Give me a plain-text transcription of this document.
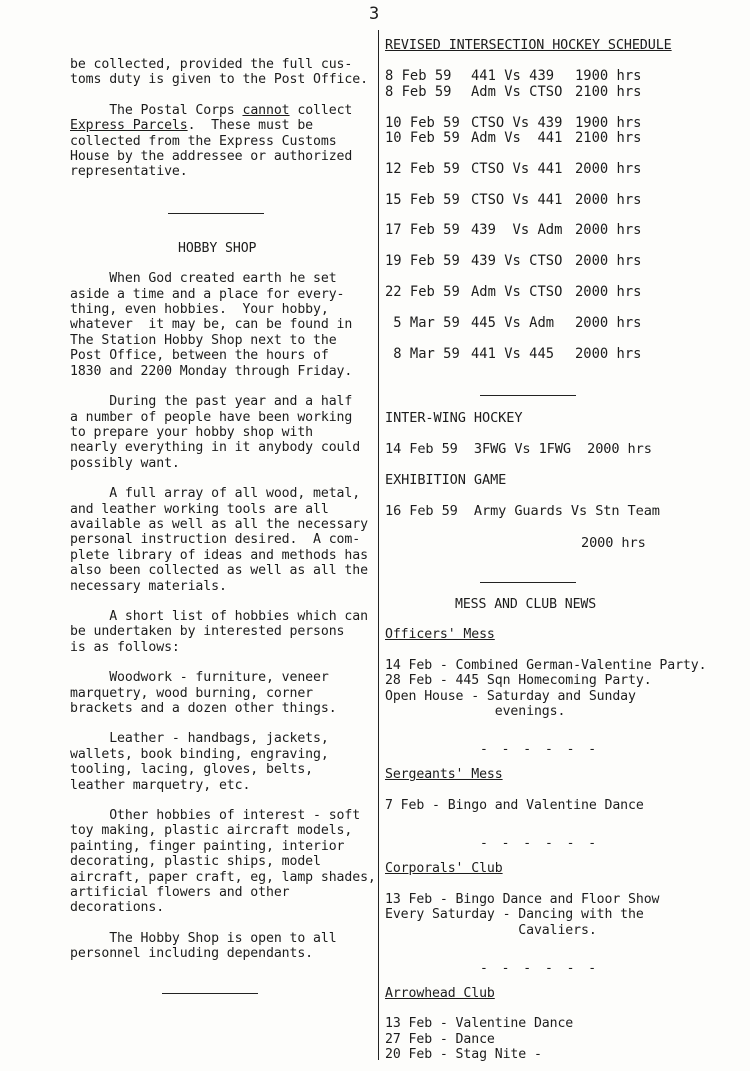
3

be collected, provided the full cus-
toms duty is given to the Post Office.

The Postal Corps cannot collect
Express Parcels.  These must be
collected from the Express Customs
House by the addressee or authorized
representative.

HOBBY SHOP

When God created earth he set
aside a time and a place for every-
thing, even hobbies.  Your hobby,
whatever  it may be, can be found in
The Station Hobby Shop next to the
Post Office, between the hours of
1830 and 2200 Monday through Friday.

During the past year and a half
a number of people have been working
to prepare your hobby shop with
nearly everything in it anybody could
possibly want.

A full array of all wood, metal,
and leather working tools are all
available as well as all the necessary
personal instruction desired.  A com-
plete library of ideas and methods has
also been collected as well as all the
necessary materials.

A short list of hobbies which can
be undertaken by interested persons
is as follows:

Woodwork - furniture, veneer
marquetry, wood burning, corner
brackets and a dozen other things.

Leather - handbags, jackets,
wallets, book binding, engraving,
tooling, lacing, gloves, belts,
leather marquetry, etc.

Other hobbies of interest - soft
toy making, plastic aircraft models,
painting, finger painting, interior
decorating, plastic ships, model
aircraft, paper craft, eg, lamp shades,
artificial flowers and other
decorations.

The Hobby Shop is open to all
personnel including dependants.

REVISED INTERSECTION HOCKEY SCHEDULE

8 Feb 59	441 Vs 439	1900 hrs
8 Feb 59	Adm Vs CTSO 2100 hrs
10 Feb 59 CTSO Vs 439 1900 hrs
10 Feb 59 Adm Vs  441 2100 hrs
12 Feb 59 CTSO Vs 441 2000 hrs
15 Feb 59 CTSO Vs 441 2000 hrs
17 Feb 59 439  Vs Adm 2000 hrs
19 Feb 59 439 Vs CTSO 2000 hrs
22 Feb 59 Adm Vs CTSO 2000 hrs
5 Mar 59 445 Vs Adm	2000 hrs
8 Mar 59 441 Vs 445	2000 hrs

INTER-WING HOCKEY

14 Feb 59  3FWG Vs 1FWG  2000 hrs

EXHIBITION GAME

16 Feb 59  Army Guards Vs Stn Team

2000 hrs

MESS AND CLUB NEWS

Officers' Mess

14 Feb - Combined German-Valentine Party.
28 Feb - 445 Sqn Homecoming Party.
Open House - Saturday and Sunday
evenings.

- - - - - -

Sergeants' Mess

7 Feb - Bingo and Valentine Dance

- - - - - -

Corporals' Club

13 Feb - Bingo Dance and Floor Show
Every Saturday - Dancing with the
Cavaliers.

- - - - - -

Arrowhead Club

13 Feb - Valentine Dance
27 Feb - Dance
20 Feb - Stag Nite -
